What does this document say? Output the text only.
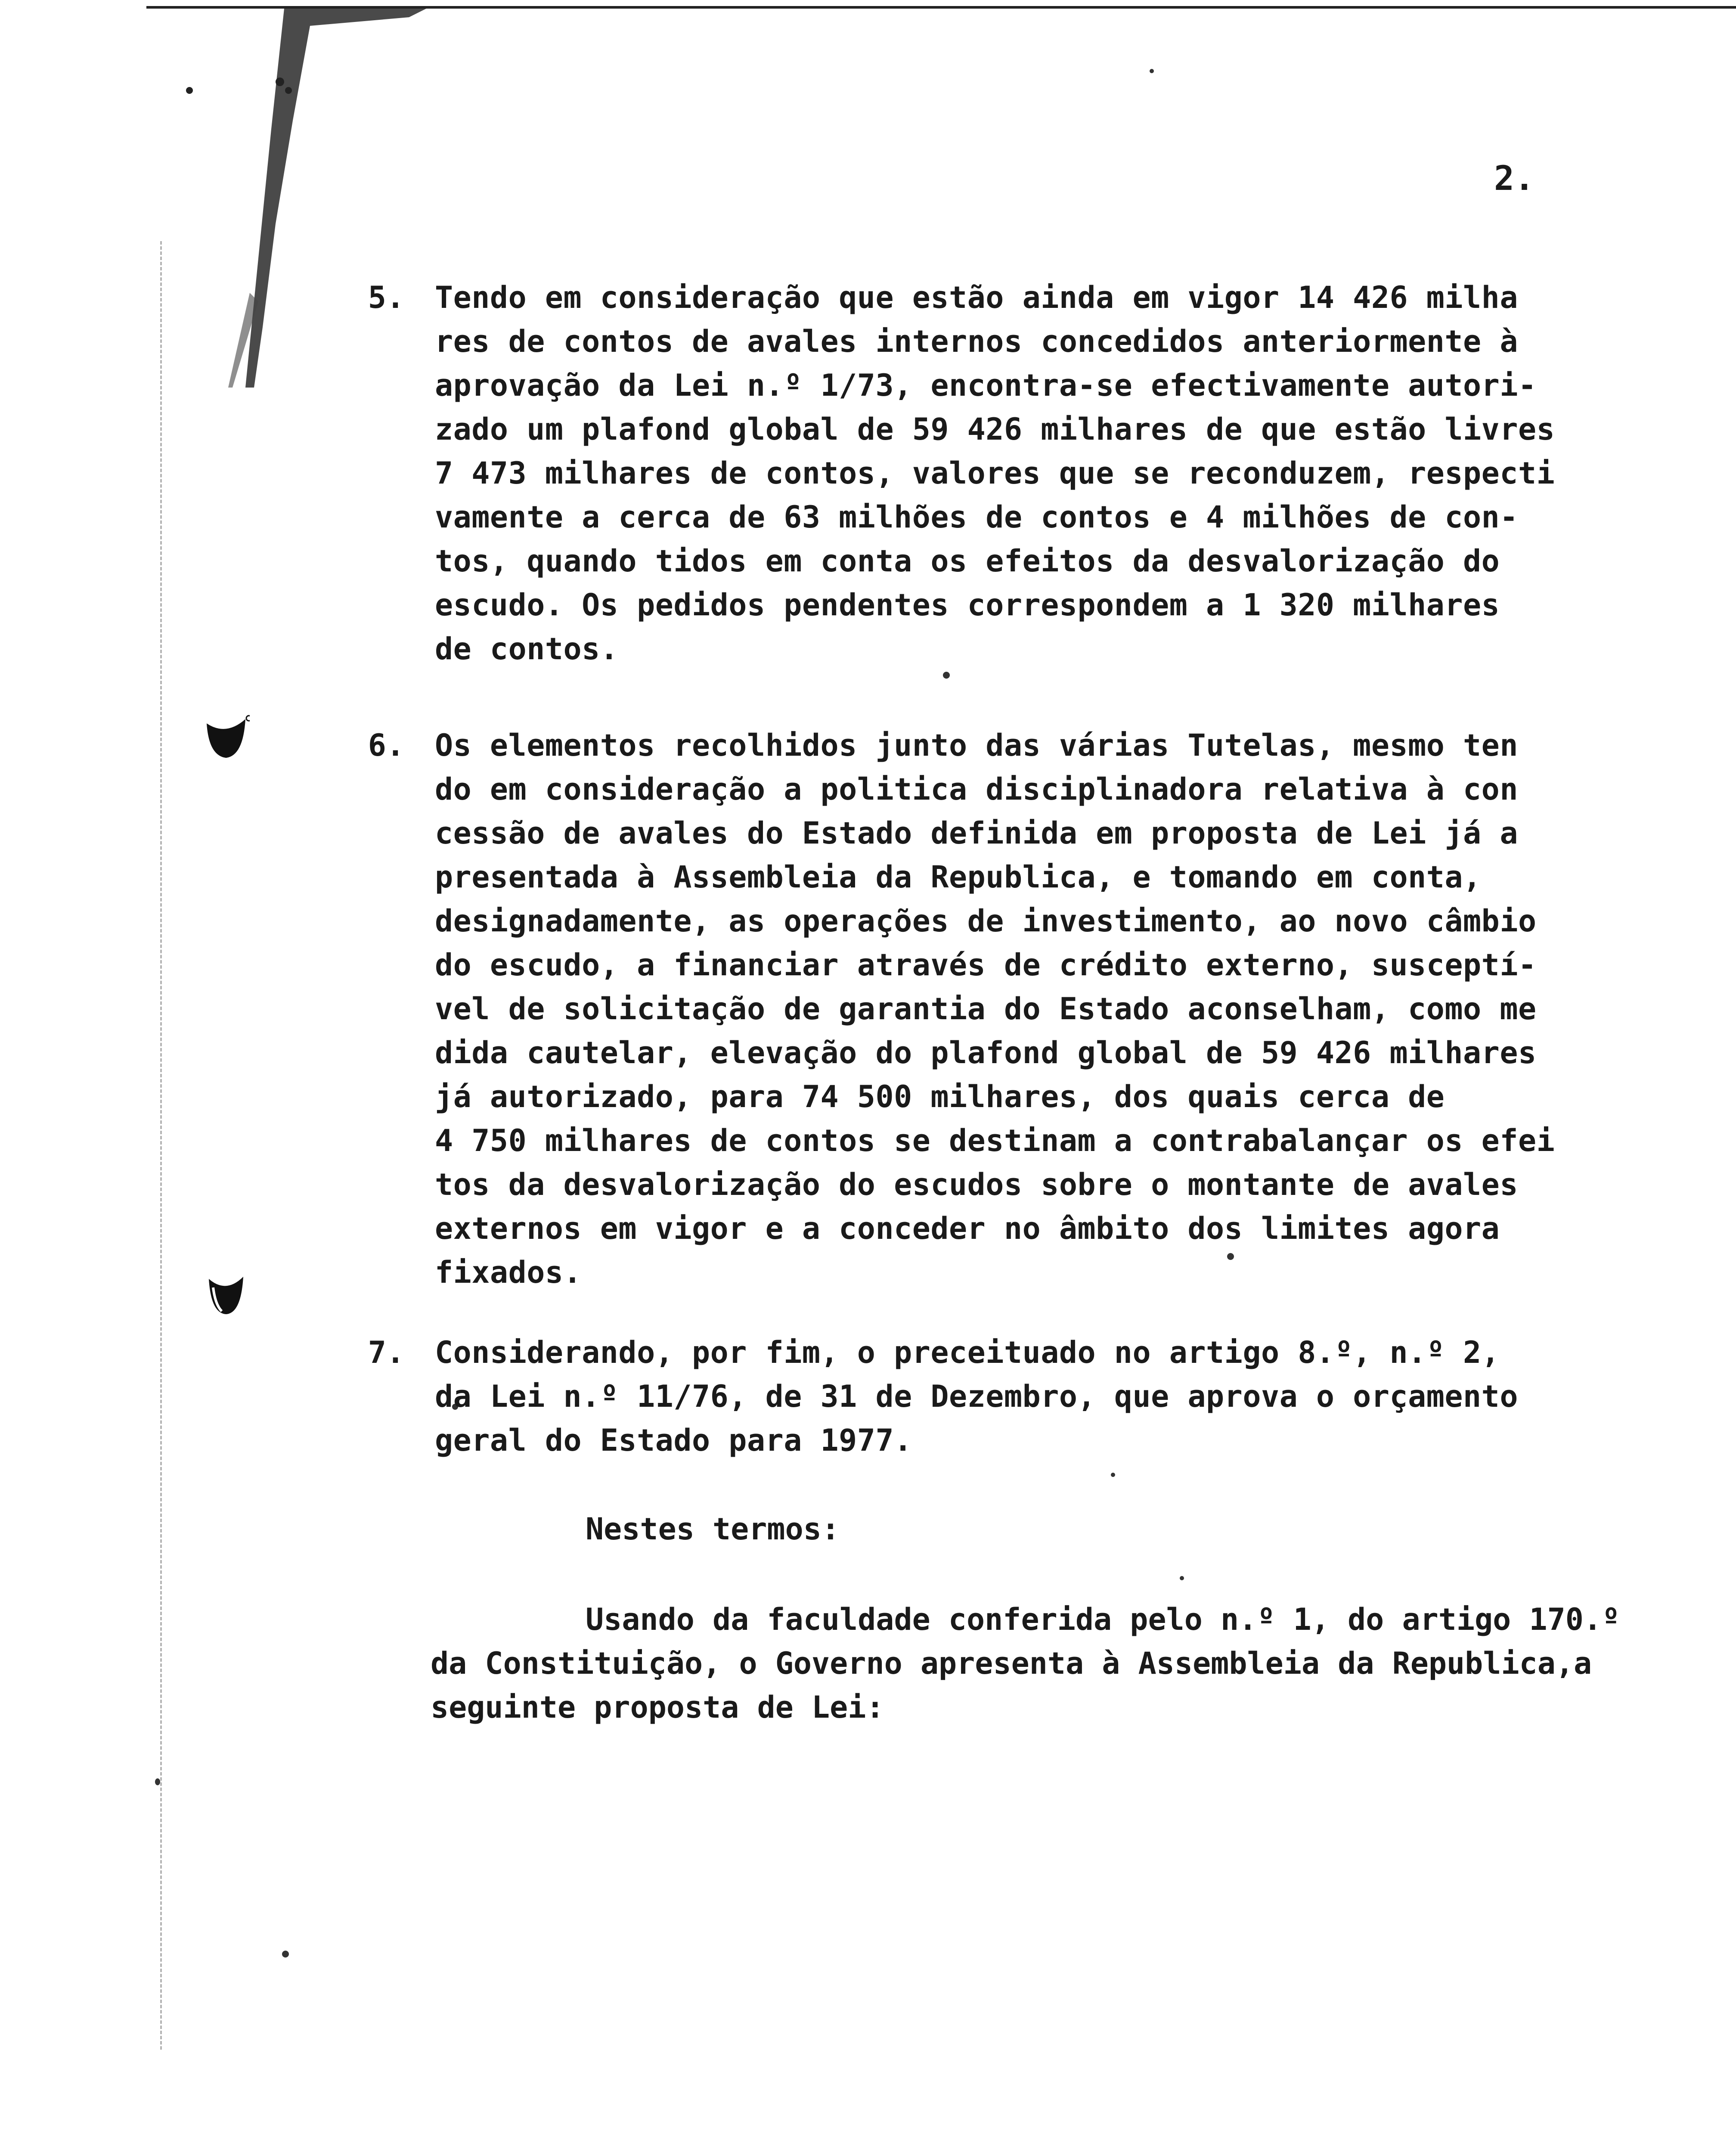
2.
5. Tendo em consideração que estão ainda em vigor 14 426 milha
res de contos de avales internos concedidos anteriormente à
aprovação da Lei n.º 1/73, encontra-se efectivamente autori-
zado um plafond global de 59 426 milhares de que estão livres
7 473 milhares de contos, valores que se reconduzem, respecti
vamente a cerca de 63 milhões de contos e 4 milhões de con-
tos, quando tidos em conta os efeitos da desvalorização do
escudo. Os pedidos pendentes correspondem a 1 320 milhares
de contos.
6. Os elementos recolhidos junto das várias Tutelas, mesmo ten
do em consideração a politica disciplinadora relativa à con
cessão de avales do Estado definida em proposta de Lei já a
presentada à Assembleia da Republica, e tomando em conta,
designadamente, as operações de investimento, ao novo câmbio
do escudo, a financiar através de crédito externo, susceptí-
vel de solicitação de garantia do Estado aconselham, como me
dida cautelar, elevação do plafond global de 59 426 milhares
já autorizado, para 74 500 milhares, dos quais cerca de
4 750 milhares de contos se destinam a contrabalançar os efei
tos da desvalorização do escudos sobre o montante de avales
externos em vigor e a conceder no âmbito dos limites agora
fixados.
7. Considerando, por fim, o preceituado no artigo 8.º, n.º 2,
da Lei n.º 11/76, de 31 de Dezembro, que aprova o orçamento
geral do Estado para 1977.
Nestes termos:
Usando da faculdade conferida pelo n.º 1, do artigo 170.º
da Constituição, o Governo apresenta à Assembleia da Republica,a
seguinte proposta de Lei:
